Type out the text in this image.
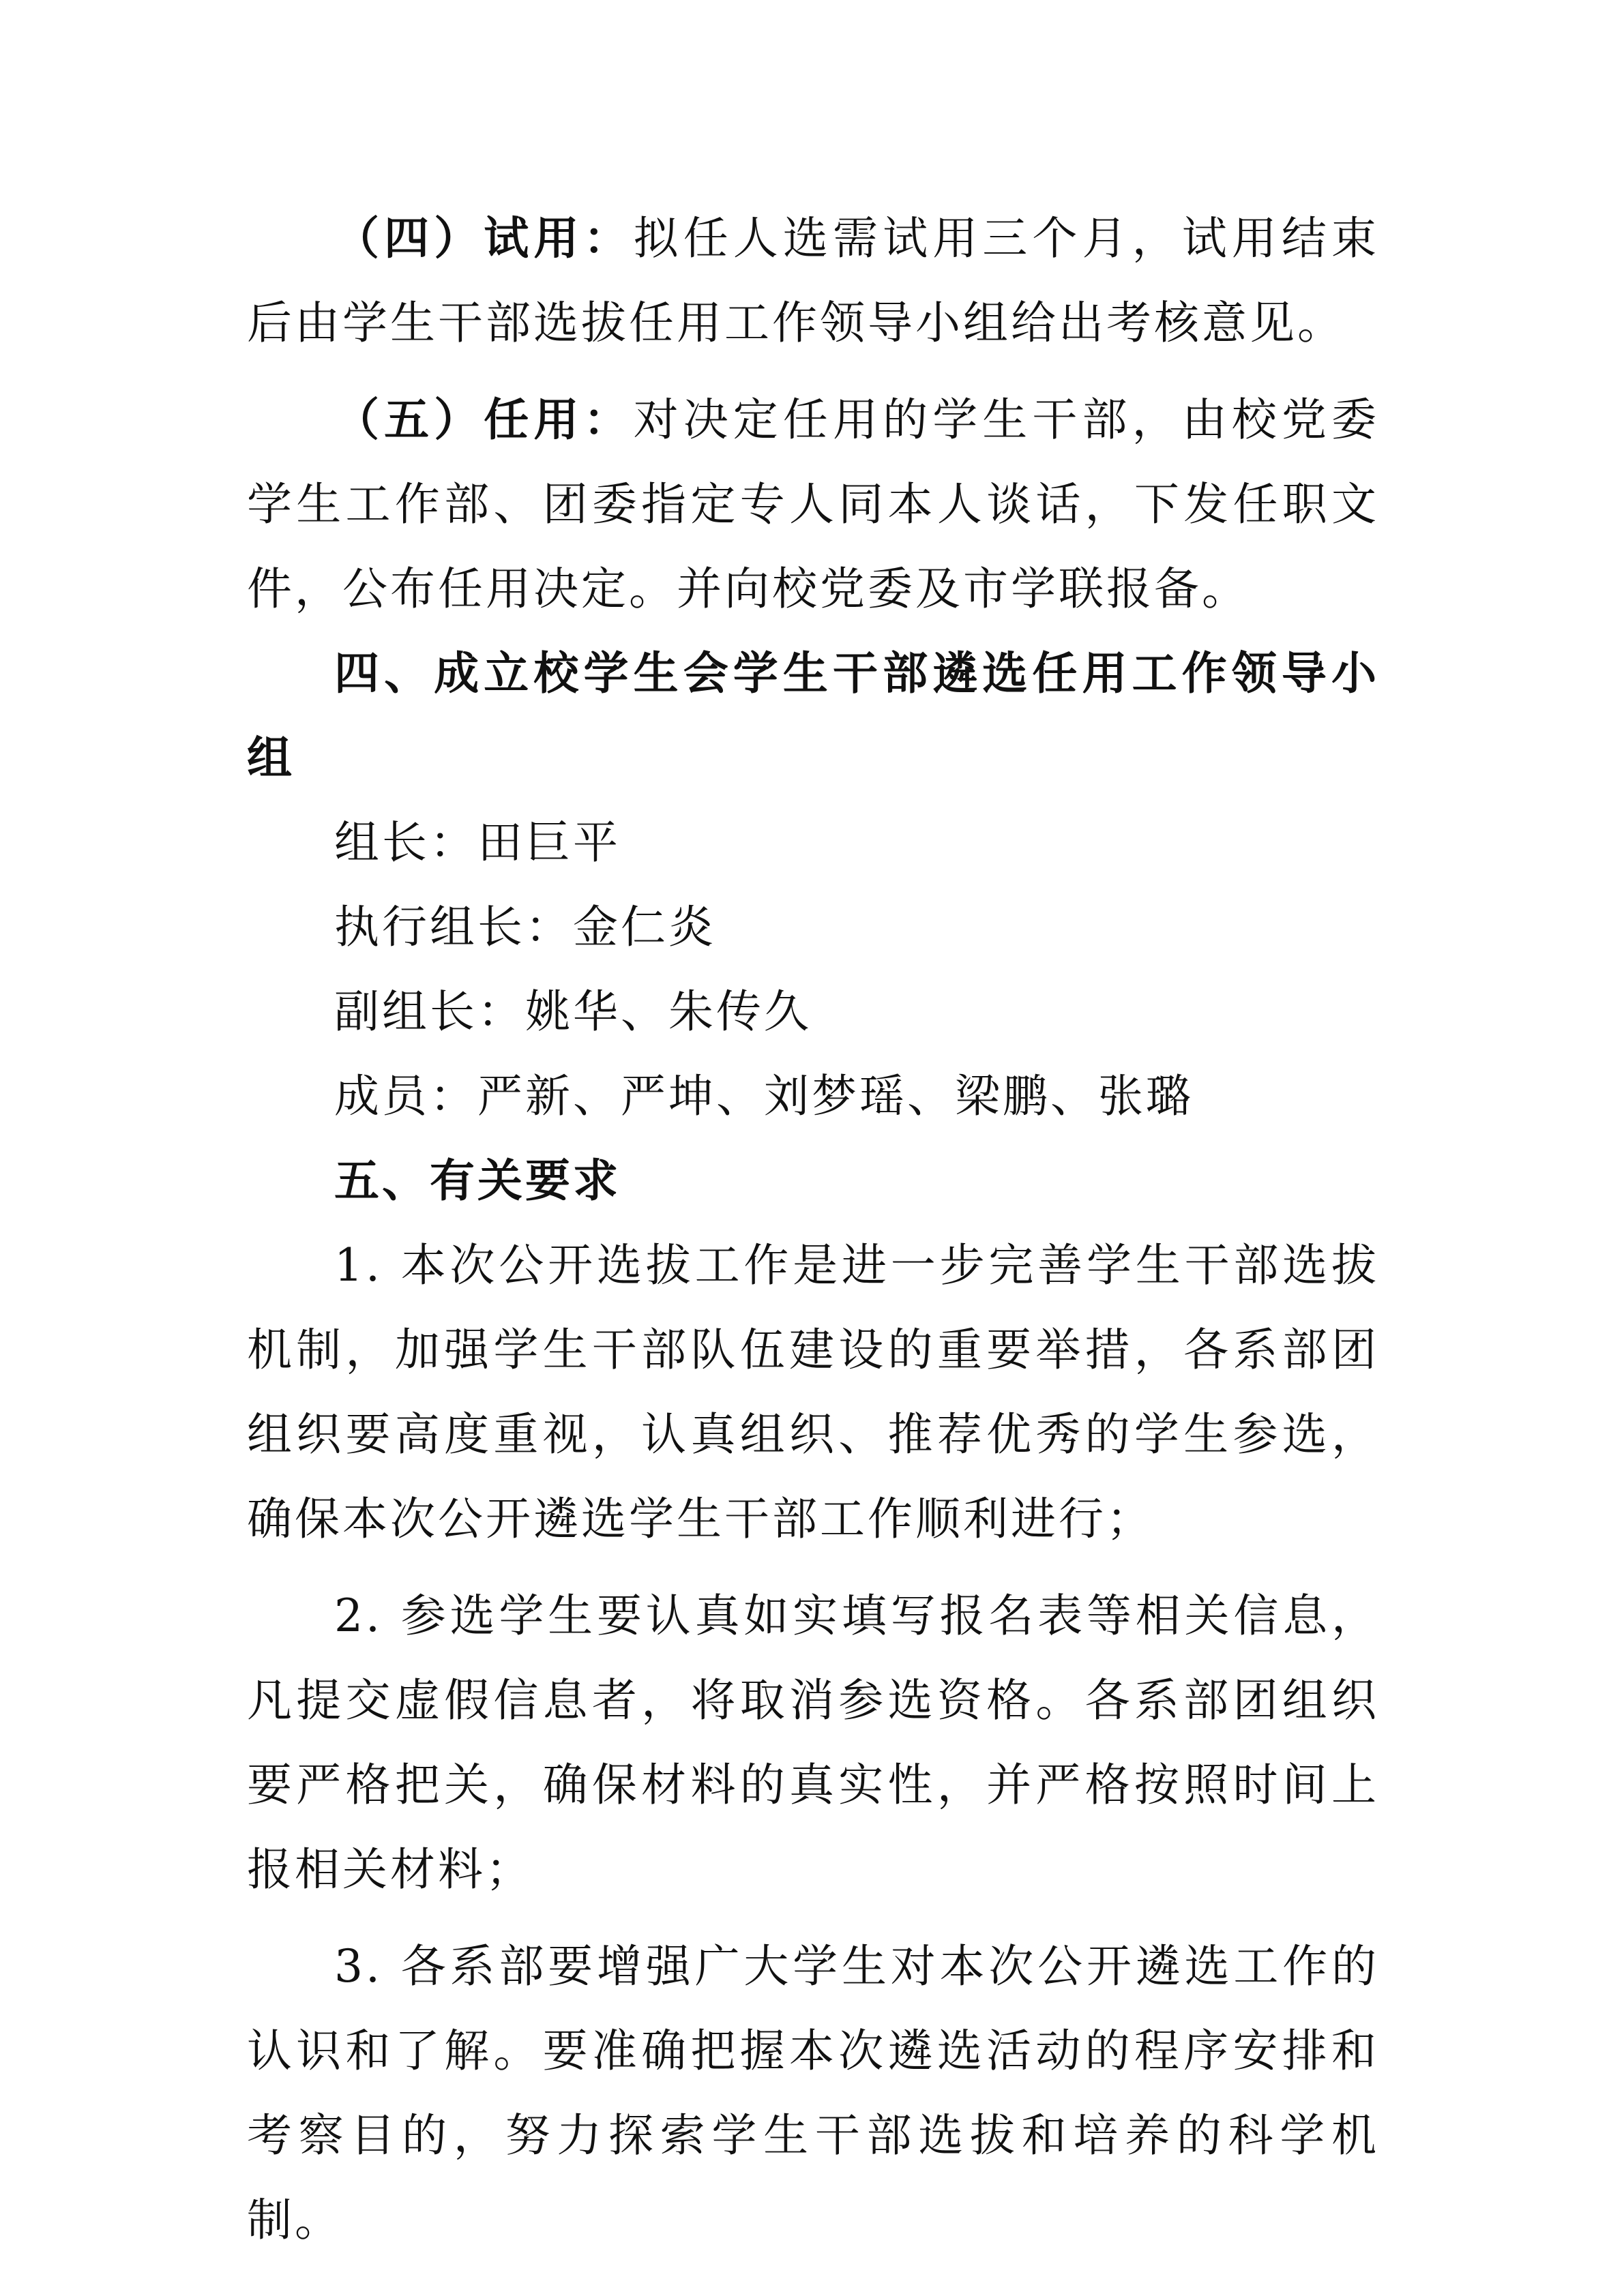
（四）试用：拟任人选需试用三个月，试用结束后由学生干部选拔任用工作领导小组给出考核意见。

（五）任用：对决定任用的学生干部，由校党委学生工作部、团委指定专人同本人谈话，下发任职文件，公布任用决定。并向校党委及市学联报备。

四、成立校学生会学生干部遴选任用工作领导小组

组长：田巨平

执行组长：金仁炎

副组长：姚华、朱传久

成员：严新、严坤、刘梦瑶、梁鹏、张璐

五、有关要求

1. 本次公开选拔工作是进一步完善学生干部选拔机制，加强学生干部队伍建设的重要举措，各系部团组织要高度重视，认真组织、推荐优秀的学生参选，确保本次公开遴选学生干部工作顺利进行；

2. 参选学生要认真如实填写报名表等相关信息，凡提交虚假信息者，将取消参选资格。各系部团组织要严格把关，确保材料的真实性，并严格按照时间上报相关材料；

3. 各系部要增强广大学生对本次公开遴选工作的认识和了解。要准确把握本次遴选活动的程序安排和考察目的，努力探索学生干部选拔和培养的科学机制。
